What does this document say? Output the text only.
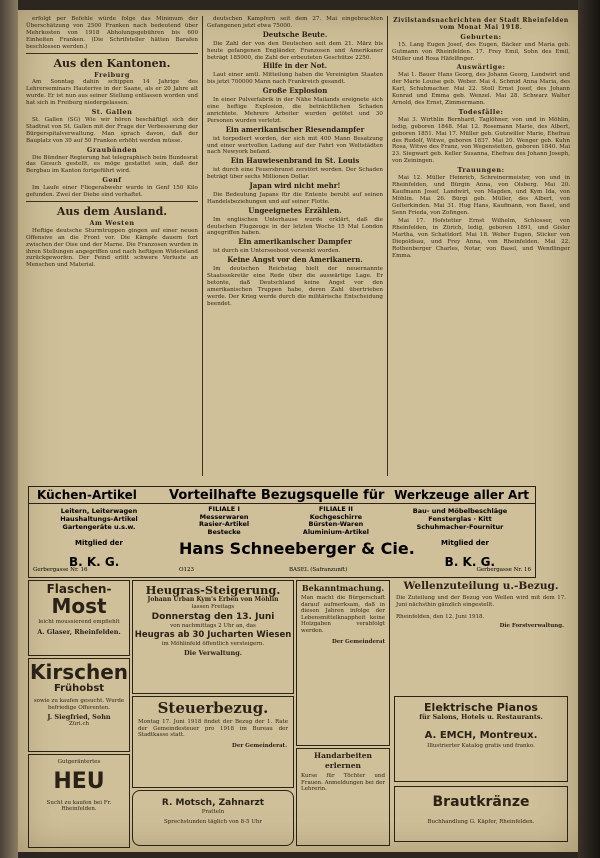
erfolgt per Befehle würde folge das Minimum der Überschätzung von 2500 Franken nach bedeutend über Mehrkosten von 1918 Abholungsgebühren bis 600 Einheiten Franken. (Die Schrifsteller hätten Barafen beschlossen werden.)

Aus den Kantonen.
Freiburg

Am Sonntag dahin schippen 14 Jahrige des Lehrerseminars Hauterive in der Saane, als er 20 Jahre alt wurde. Er ist nun aus seiner Stellung entlassen worden und hat sich in Freiburg niedergelassen.

St. Gallen

St. Gallen (SG) Wie wir hören beschäftigt sich der Stadtrat von St. Gallen mit der Frage der Verbesserung der Bürgerspitalverwaltung. Man sprach davon, daß der Bauplatz von 30 auf 50 Franken erhöht werden müsse.

Graubünden

Die Bündner Regierung hat telegraphisch beim Bundesrat das Gesuch gestellt, es möge gestattet sein, daß der Bergbau im Kanton fortgeführt wird.

Genf

Im Laufe einer Fliegerabwehr wurde in Genf 150 Kilo gefunden. Zwei der Diebe sind verhaftet.

Aus dem Ausland.
Am Westen

Heftige deutsche Sturmtruppen gingen auf einer neuen Offensive an die Front vor. Die Kämpfe dauern fort zwischen der Oise und der Marne. Die Franzosen wurden in ihren Stellungen angegriffen und nach heftigem Widerstand zurückgeworfen. Der Feind erlitt schwere Verluste an Menschen und Material.

deutschen Kampfern seit dem 27. Mai eingebrachten Gefangenen jetzt etwa 75000.

Deutsche Beute.

Die Zahl der von den Deutschen seit dem 21. März bis heute gefangenen Engländer, Franzosen und Amerikaner beträgt 185000, die Zahl der erbeuteten Geschütze 2250.

Hilfe in der Not.

Laut einer amtl. Mitteilung haben die Vereinigten Staaten bis jetzt 700000 Mann nach Frankreich gesandt.

Große Explosion

In einer Pulverfabrik in der Nähe Mailands ereignete sich eine heftige Explosion, die beträchtlichen Schaden anrichtete. Mehrere Arbeiter wurden getötet und 30 Personen wurden verletzt.

Ein amerikanischer Riesendampfer

ist torpediert worden, der sich mit 400 Mann Besatzung und einer wertvollen Ladung auf der Fahrt von Weltstädten nach Newyork befand.

Ein Hauwiesenbrand in St. Louis

ist durch eine Feuersbrunst zerstört worden. Der Schaden beträgt über sechs Millionen Dollar.

Japan wird nicht mehr!

Die Bedeutung Japans für die Entente beruht auf seinen Handelsbeziehungen und auf seiner Flotte.

Ungeeignetes Erzählen.

Im englischen Unterhause wurde erklärt, daß die deutschen Flugzeuge in der letzten Woche 15 Mal London angegriffen haben.

Ein amerikanischer Dampfer

ist durch ein Unterseeboot versenkt worden.

Keine Angst vor den Amerikanern.

Im deutschen Reichstag hielt der neuernannte Staatssekretär eine Rede über die auswärtige Lage. Er betonte, daß Deutschland keine Angst vor den amerikanischen Truppen habe, deren Zahl übertrieben werde. Der Krieg werde durch die militärische Entscheidung beendet.

Zivilstandsnachrichten der Stadt Rheinfelden vom Monat Mai 1918.
Geburten:

15. Lang Eugen Josef, des Eugen, Bäcker und Maria geb. Gutmann von Rheinfelden. 17. Frey Emil, Sohn des Emil, Müller und Rosa Häfelfinger.

Auswärtige:

Mai 1. Bauer Hans Georg, des Johann Georg, Landwirt und der Marie Louise geb. Weber. Mai 4. Schmid Anna Maria, des Karl, Schuhmacher. Mai 22. Stoll Ernst Josef, des Johann Konrad und Emma geb. Wenzel. Mai 28. Schwarz Walter Arnold, des Ernst, Zimmermann.

Todesfälle:

Mai 3. Wirthlin Bernhard, Taglöhner, von und in Möhlin, ledig, geboren 1848. Mai 12. Rosemann Marie, des Albert, geboren 1851. Mai 17. Müller geb. Gutzwiller Marie, Ehefrau des Rudolf, Witwe, geboren 1837. Mai 20. Wenger geb. Kuhn Rosa, Witwe des Franz, von Wegenstetten, geboren 1840. Mai 23. Siegwart geb. Keller Susanna, Ehefrau des Johann Joseph, von Zeiningen.

Trauungen:

Mai 12. Müller Heinrich, Schreinermeister, von und in Rheinfelden, und Bürgin Anna, von Olsberg. Mai 20. Kaufmann Josef, Landwirt, von Magden, und Kym Ida, von Möhlin. Mai 26. Bürgi geb. Müller, des Albert, von Gelterkinden. Mai 31. Hug Hans, Kaufmann, von Basel, und Senn Frieda, von Zofingen.

Mai 17. Hofstetter Ernst Wilhelm, Schlosser, von Rheinfelden, in Zürich, ledig, geboren 1891, und Gisler Martha, von Schattdorf. Mai 18. Weber Eugen, Sticker von Diepoldsau, und Frey Anna, von Rheinfelden. Mai 22. Rothenberger Charles, Notar, von Basel, und Wendlinger Emma.

Küchen-Artikel Vorteilhafte Bezugsquelle für Werkzeuge aller Art
Leitern, Leiterwagen
Haushaltungs-Artikel
Gartengeräte u.s.w.
Bau- und Möbelbeschläge
Fensterglas · Kitt
Schuhmacher-Fournitur
FILIALE I
Messerwaren
Rasier-Artikel
Bestecke
FILIALE II
Kochgeschirre
Bürsten-Waren
Aluminium-Artikel
Hans Schneeberger & Cie.
Mitglied der	Mitglied der
B. K. G.	B. K. G.
Gerbergasse Nr. 16	O123	BASEL (Safranzunft)	Gerbergasse Nr. 16
Flaschen-
Most
leicht moussierend empfiehlt
A. Glaser, Rheinfelden.
Kirschen
Frühobst
sowie zu kaufen gesucht. Wurde befriedige Offerenten.
J. Siegfried, Sohn
Züri.ch
Gutgeräntertes
HEU
Sucht zu kaufen bei Fr. Rheinfelden.
Heugras-Steigerung.
Johann Urban Kym's Erben von Möhlin
lassen Freitags
Donnerstag den 13. Juni
von nachmittags 2 Uhr an, das
Heugras ab 30 Jucharten Wiesen
im Möhlinfeld öffentlich versteigern.
Die Verwaltung.
Steuerbezug.
Montag 17. Juni 1918 findet der Bezug der 1. Rate der Gemeindesteuer pro 1918 im Bureau der Stadtkasse statt.
Der Gemeinderat.
R. Motsch, Zahnarzt
Pratteln
Sprechstunden täglich von 8-5 Uhr
Bekanntmachung.
Man macht die Bürgerschaft darauf aufmerksam, daß in diesen Jahren infolge der Lebensmittelknappheit keine Holzgaben verabfolgt werden.
Der Gemeinderat
Handarbeiten erlernen
Kurse für Töchter und Frauen. Anmeldungen bei der Lehrerin.
Wellenzuteilung u.-Bezug.
Die Zuteilung und der Bezug von Wellen wird mit dem 17. Juni nächsthin gänzlich eingestellt.
Rheinfelden, den 12. Juni 1918.
Die Forstverwaltung.
Elektrische Pianos
für Salons, Hotels u. Restaurants.
A. EMCH, Montreux.
Illustrierter Katalog gratis und franko.
Brautkränze
Buchhandlung G. Käpfer, Rheinfelden.
